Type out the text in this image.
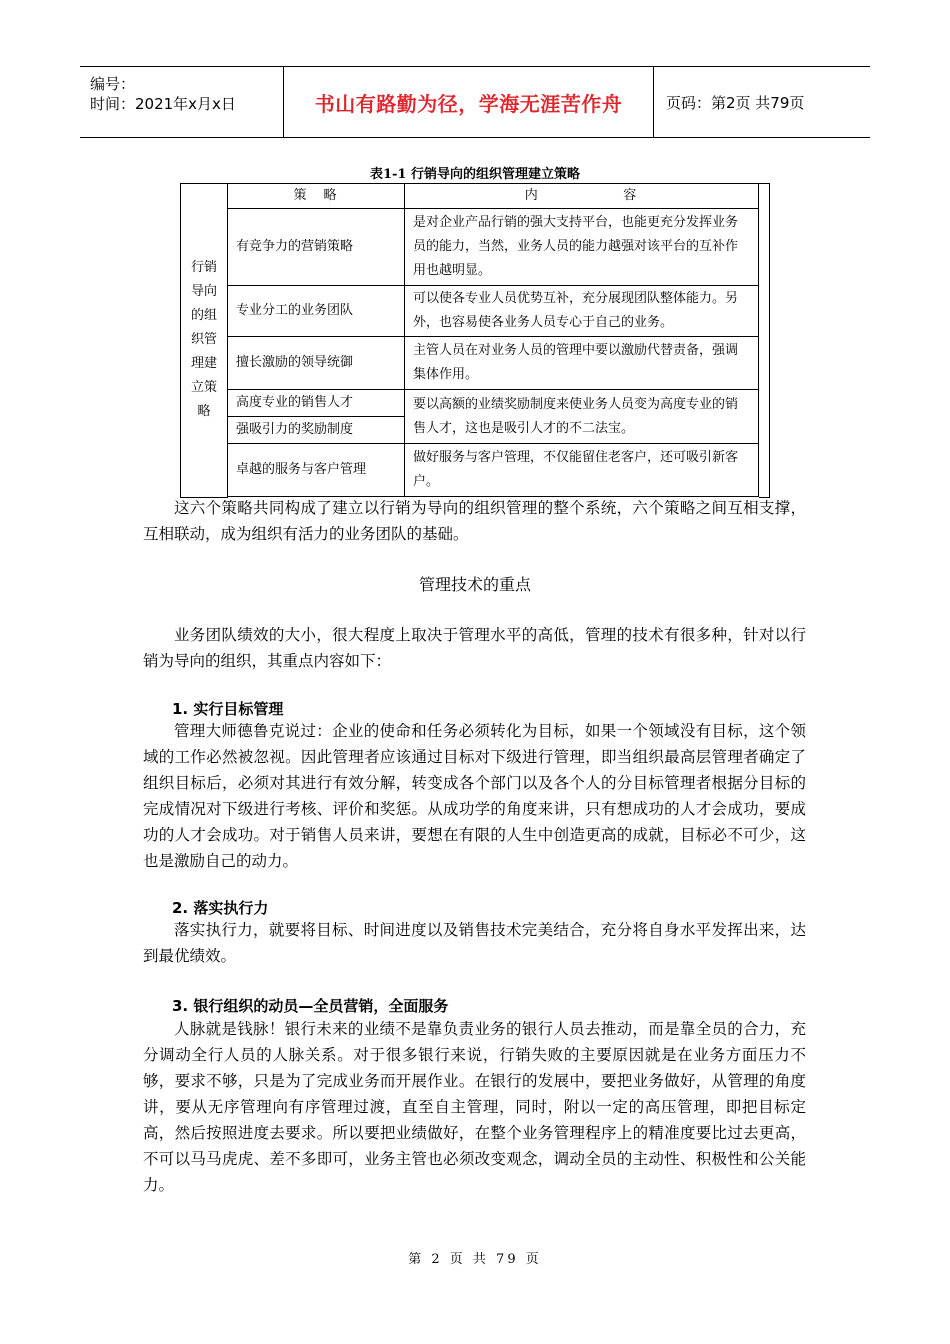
编号：
时间：2021年x月x日	书山有路勤为径，学海无涯苦作舟	页码：第2页 共79页
表1-1 行销导向的组织管理建立策略
行销导向的组织管理建立策略	策 略	内 容	

	有竞争力的营销策略	是对企业产品行销的强大支持平台，也能更充分发挥业务员的能力，当然，业务人员的能力越强对该平台的互补作用也越明显。	
	专业分工的业务团队	可以使各专业人员优势互补，充分展现团队整体能力。另外，也容易使各业务人员专心于自己的业务。	
	擅长激励的领导统御	主管人员在对业务人员的管理中要以激励代替责备，强调集体作用。	
	高度专业的销售人才	要以高额的业绩奖励制度来使业务人员变为高度专业的销售人才，这也是吸引人才的不二法宝。	
	强吸引力的奖励制度		
	卓越的服务与客户管理	做好服务与客户管理，不仅能留住老客户，还可吸引新客户。	

这六个策略共同构成了建立以行销为导向的组织管理的整个系统，六个策略之间互相支撑，互相联动，成为组织有活力的业务团队的基础。
管理技术的重点
业务团队绩效的大小，很大程度上取决于管理水平的高低，管理的技术有很多种，针对以行销为导向的组织，其重点内容如下：
1. 实行目标管理
管理大师德鲁克说过：企业的使命和任务必须转化为目标，如果一个领域没有目标，这个领域的工作必然被忽视。因此管理者应该通过目标对下级进行管理，即当组织最高层管理者确定了组织目标后，必须对其进行有效分解，转变成各个部门以及各个人的分目标管理者根据分目标的完成情况对下级进行考核、评价和奖惩。从成功学的角度来讲，只有想成功的人才会成功，要成功的人才会成功。对于销售人员来讲，要想在有限的人生中创造更高的成就，目标必不可少，这也是激励自己的动力。
2. 落实执行力
落实执行力，就要将目标、时间进度以及销售技术完美结合，充分将自身水平发挥出来，达到最优绩效。
3. 银行组织的动员—全员营销，全面服务
人脉就是钱脉！银行未来的业绩不是靠负责业务的银行人员去推动，而是靠全员的合力，充分调动全行人员的人脉关系。对于很多银行来说，行销失败的主要原因就是在业务方面压力不够，要求不够，只是为了完成业务而开展作业。在银行的发展中，要把业务做好，从管理的角度讲，要从无序管理向有序管理过渡，直至自主管理，同时，附以一定的高压管理，即把目标定高，然后按照进度去要求。所以要把业绩做好，在整个业务管理程序上的精准度要比过去更高，不可以马马虎虎、差不多即可，业务主管也必须改变观念，调动全员的主动性、积极性和公关能力。
第 2 页 共 79 页
